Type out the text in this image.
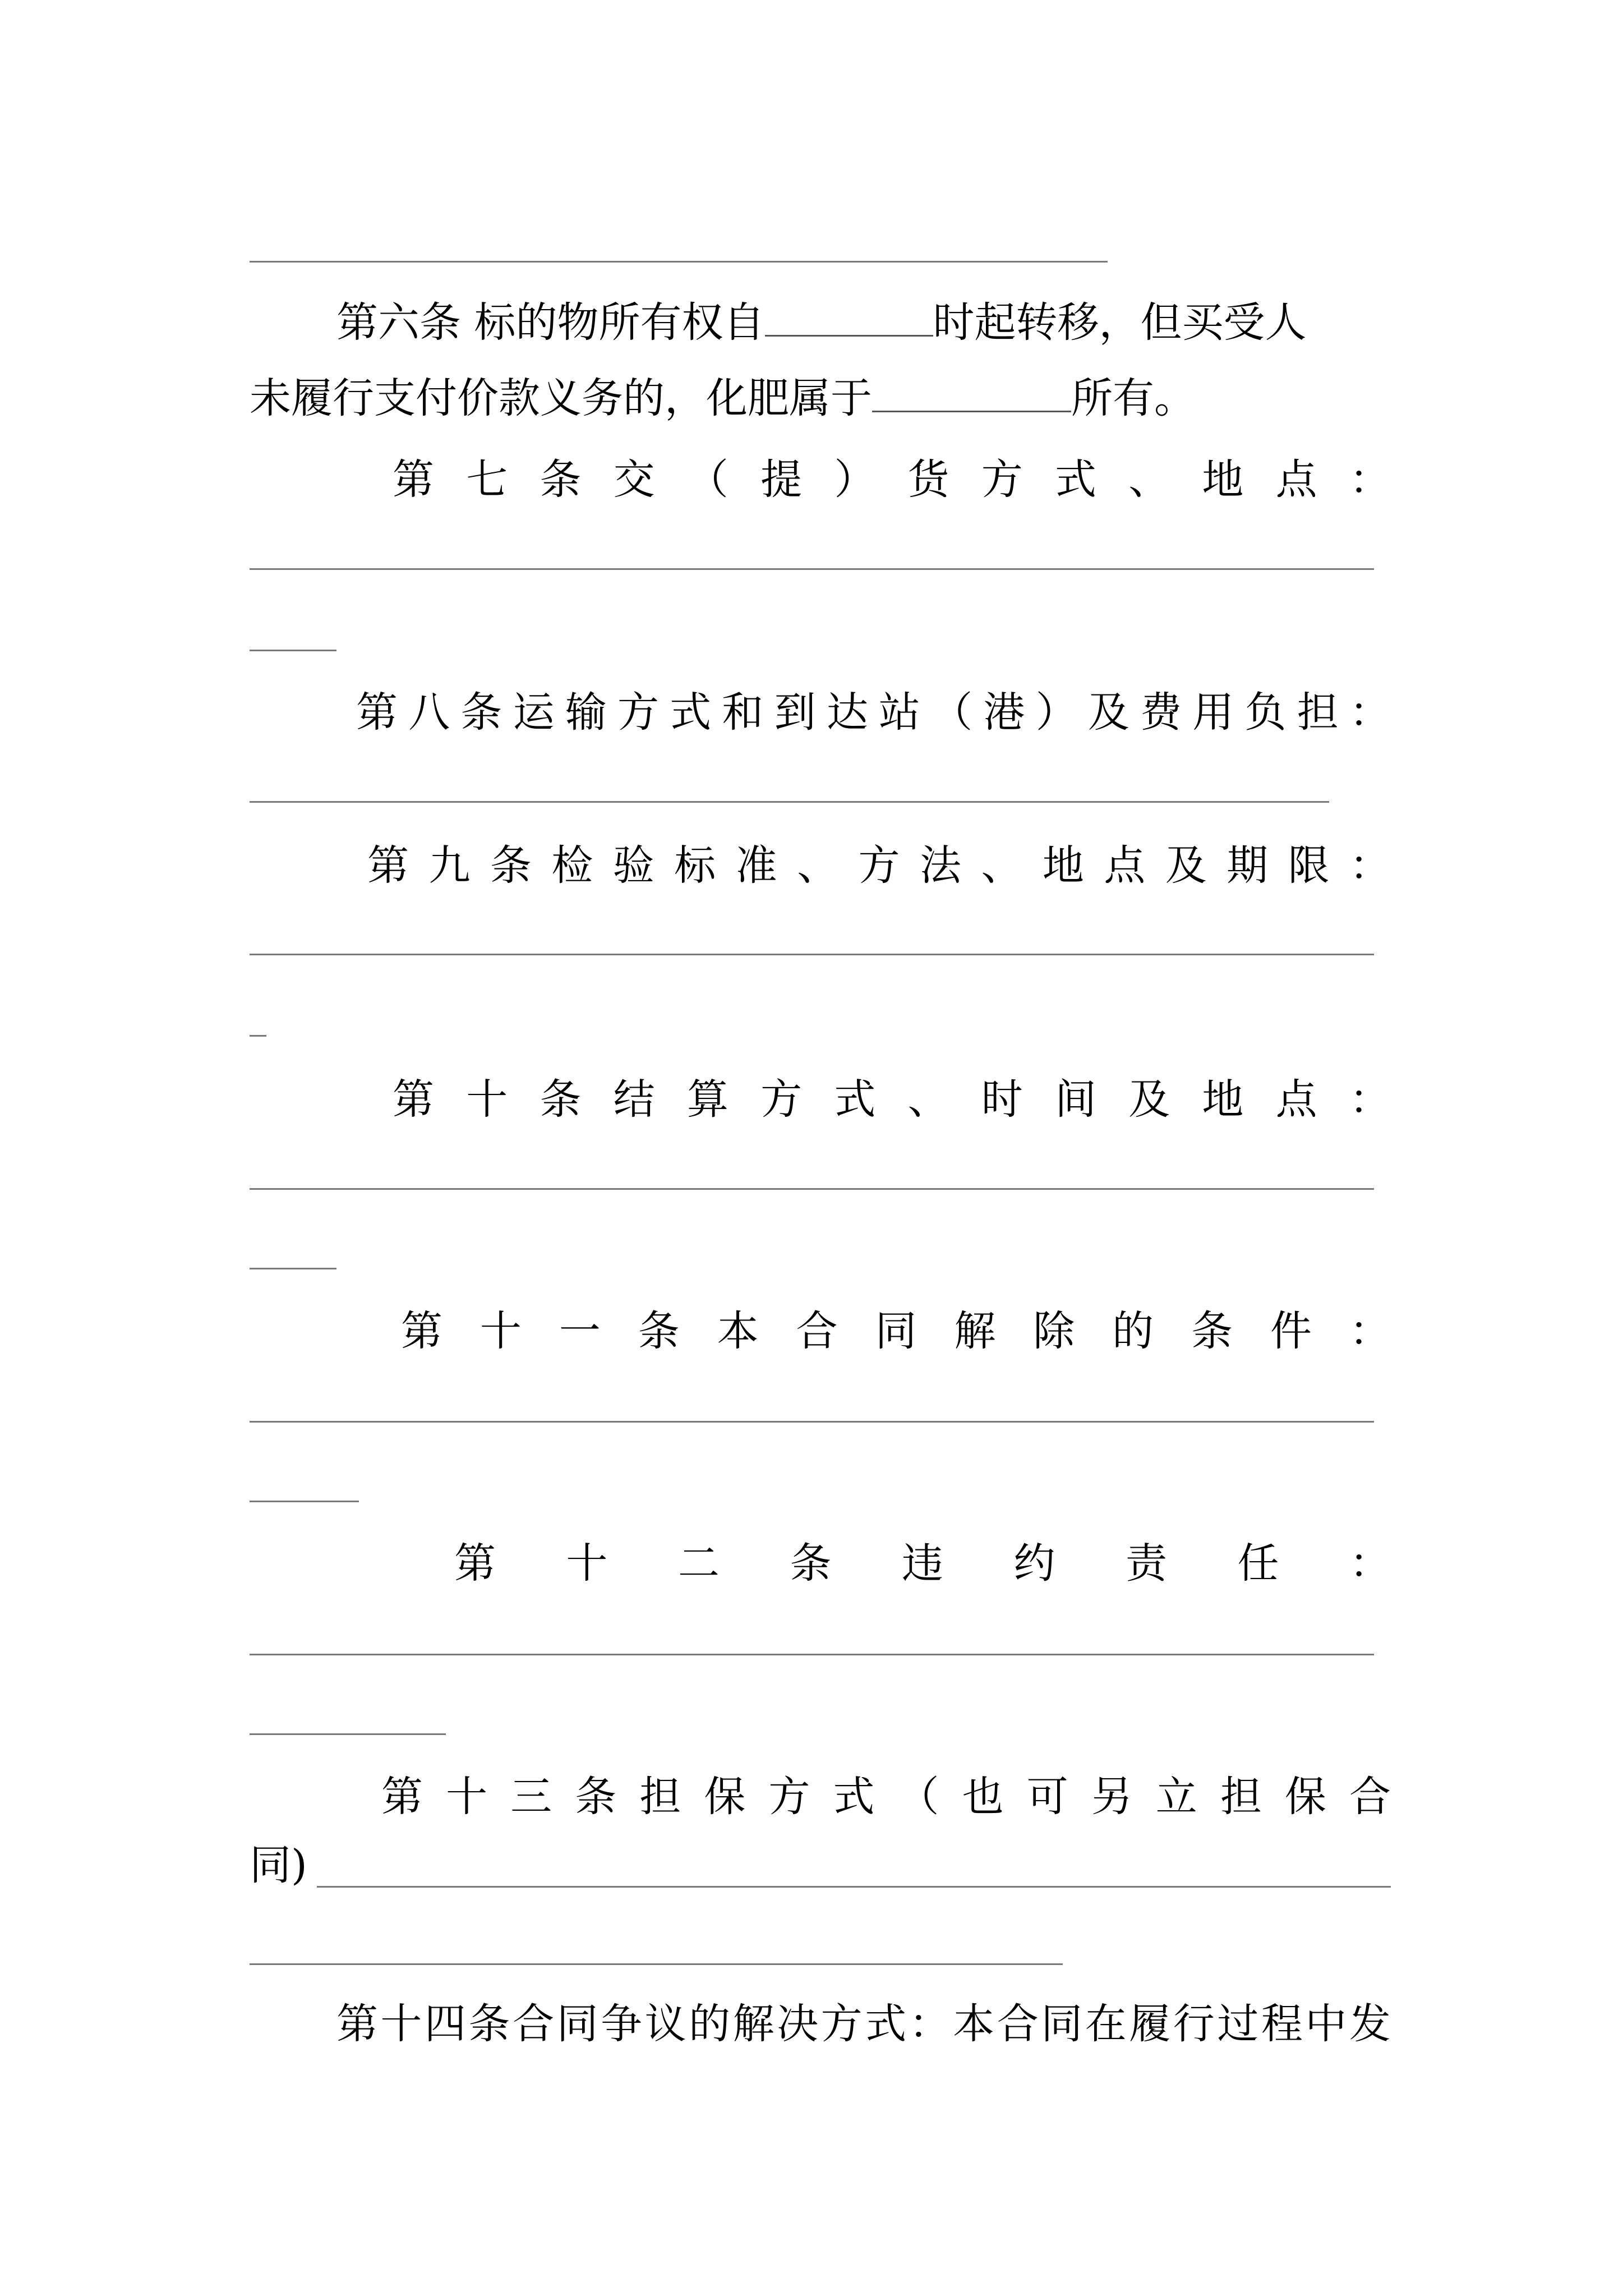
第六条 标的物所有权自	时起转移，但买受人
未履行支付价款义务的，化肥属于	所有。
第 七 条 交 （ 提 ） 货 方 式 、 地 点 ：
第 八 条 运 输 方 式 和 到 达 站 （ 港 ） 及 费 用 负 担 ：
第 九 条 检 验 标 准 、 方 法 、 地 点 及 期 限 ：
第 十 条 结 算 方 式 、 时 间 及 地 点 ：
第 十 一 条 本 合 同 解 除 的 条 件 ：
第 十 二 条 违 约 责 任 ：
第 十 三 条 担 保 方 式 （ 也 可 另 立 担 保 合
同)
第 十 四 条 合 同 争 议 的 解 决 方 式 ： 本 合 同 在 履 行 过 程 中 发
